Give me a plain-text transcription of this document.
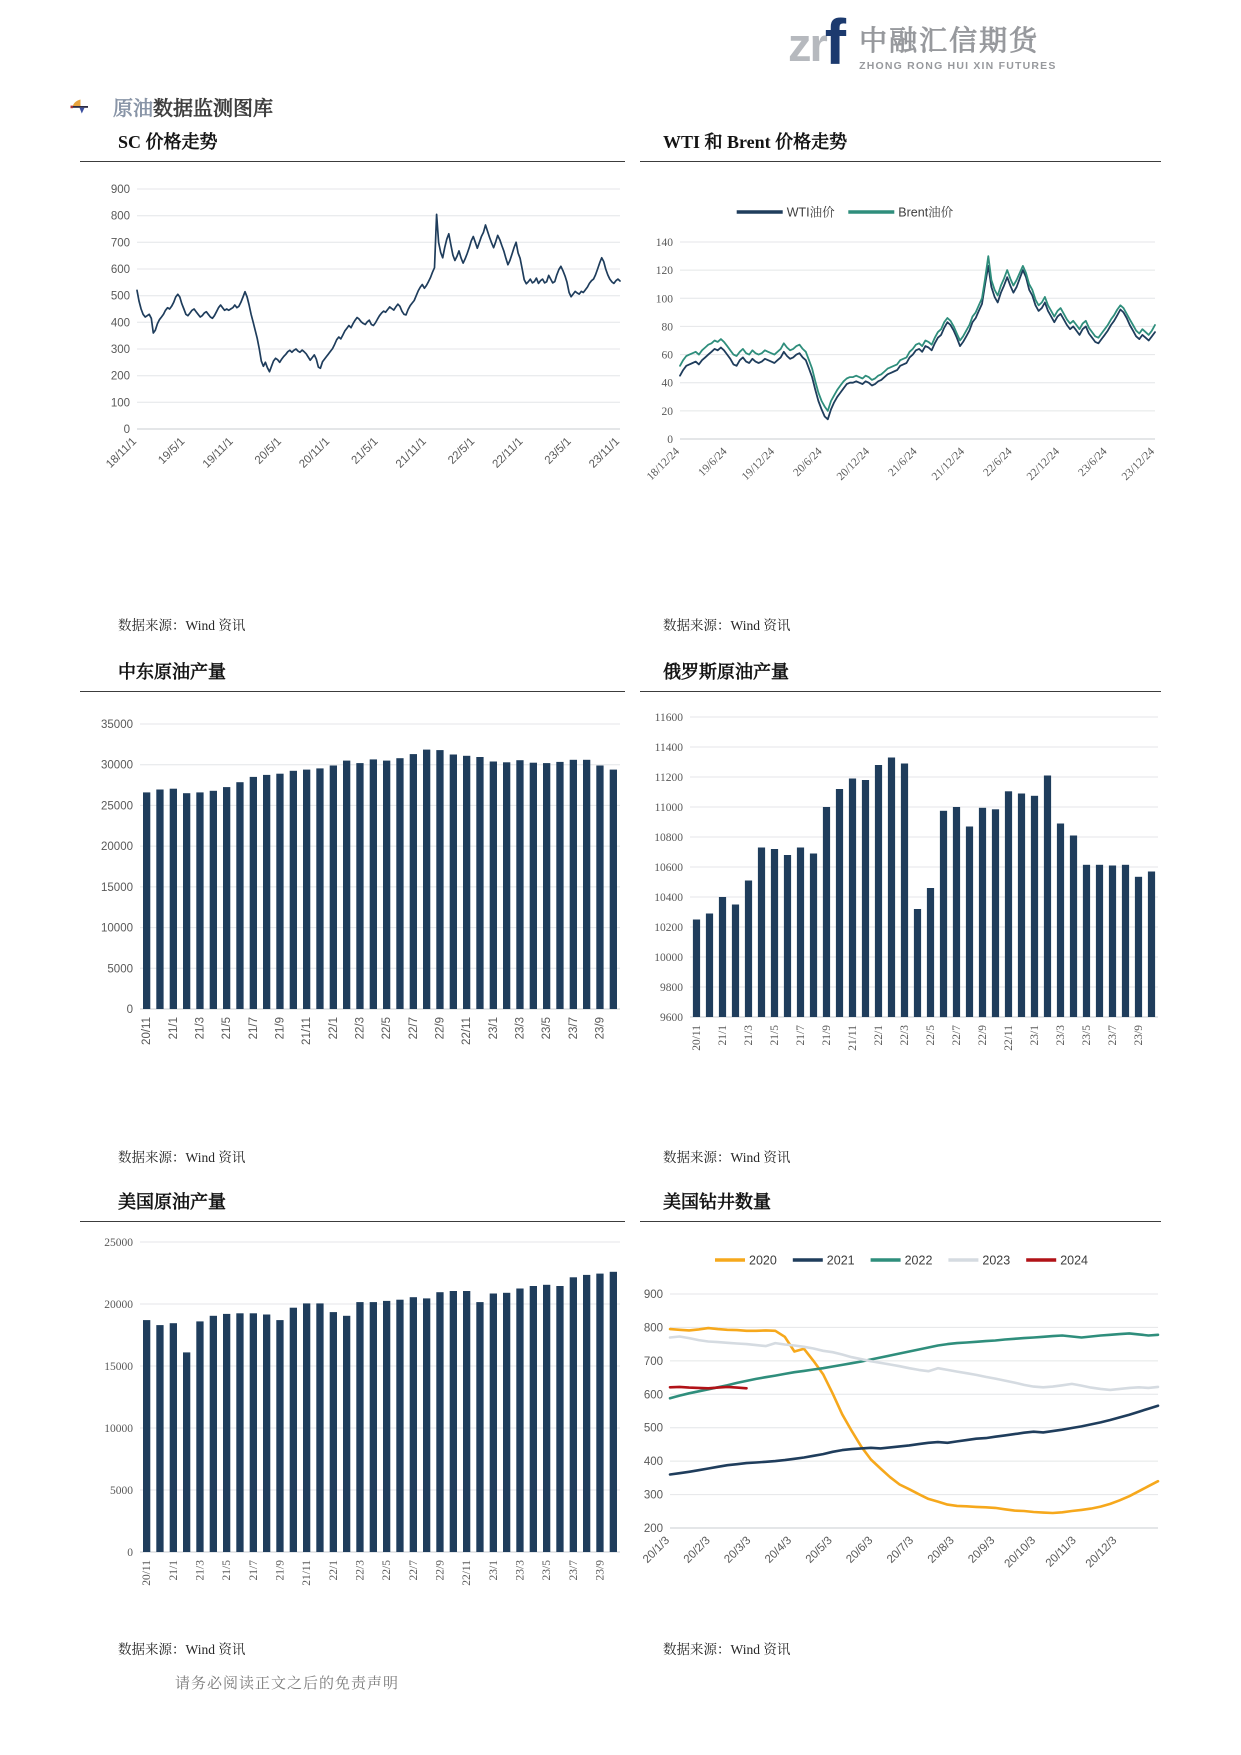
zr f 中融汇信期货
ZHONG RONG HUI XIN FUTURES
原油数据监测图库
SC 价格走势
0
100
200
300
400
500
600
700
800
900
18/11/1 19/5/1 19/11/1 20/5/1 20/11/1 21/5/1 21/11/1 22/5/1 22/11/1 23/5/1 23/11/1
数据来源：Wind 资讯
WTI 和 Brent 价格走势
0
20
40
60
80
100
120
140
18/12/24 19/6/24 19/12/24 20/6/24 20/12/24 21/6/24 21/12/24 22/6/24 22/12/24 23/6/24 23/12/24
WTI油价	Brent油价
数据来源：Wind 资讯
中东原油产量
0
5000
10000
15000
20000
25000
30000
35000
20/11 21/1 21/3 21/5 21/7 21/9 21/11 22/1 22/3 22/5 22/7 22/9 22/11 23/1 23/3 23/5 23/7 23/9
数据来源：Wind 资讯
俄罗斯原油产量
9600
9800
10000
10200
10400
10600
10800
11000
11200
11400
11600
20/11 21/1 21/3 21/5 21/7 21/9 21/11 22/1 22/3 22/5 22/7 22/9 22/11 23/1 23/3 23/5 23/7 23/9
数据来源：Wind 资讯
美国原油产量
0
5000
10000
15000
20000
25000
20/11 21/1 21/3 21/5 21/7 21/9 21/11 22/1 22/3 22/5 22/7 22/9 22/11 23/1 23/3 23/5 23/7 23/9
数据来源：Wind 资讯
美国钻井数量
200
300
400
500
600
700
800
900
20/1/3 20/2/3 20/3/3 20/4/3 20/5/3 20/6/3 20/7/3 20/8/3 20/9/3 20/10/3 20/11/3 20/12/3
2020	2021	2022	2023	2024
数据来源：Wind 资讯
请务必阅读正文之后的免责声明
